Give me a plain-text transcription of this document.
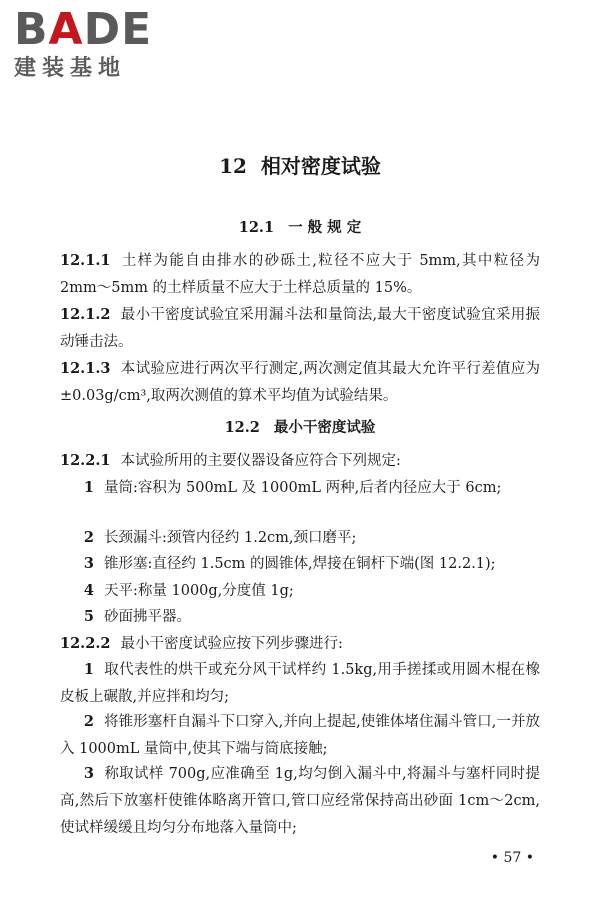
BADE
建装基地
12 相对密度试验
12.1 一 般 规 定
12.1.1 土样为能自由排水的砂砾土,粒径不应大于 5mm,其中粒径为 2mm～5mm 的土样质量不应大于土样总质量的 15%。
12.1.2 最小干密度试验宜采用漏斗法和量筒法,最大干密度试验宜采用振动锤击法。
12.1.3 本试验应进行两次平行测定,两次测定值其最大允许平行差值应为±0.03g/cm³,取两次测值的算术平均值为试验结果。
12.2 最小干密度试验
12.2.1 本试验所用的主要仪器设备应符合下列规定:
1 量筒:容积为 500mL 及 1000mL 两种,后者内径应大于 6cm;
2 长颈漏斗:颈管内径约 1.2cm,颈口磨平;
3 锥形塞:直径约 1.5cm 的圆锥体,焊接在铜杆下端(图 12.2.1);
4 天平:称量 1000g,分度值 1g;
5 砂面拂平器。
12.2.2 最小干密度试验应按下列步骤进行:
1 取代表性的烘干或充分风干试样约 1.5kg,用手搓揉或用圆木棍在橡皮板上碾散,并应拌和均匀;
2 将锥形塞杆自漏斗下口穿入,并向上提起,使锥体堵住漏斗管口,一并放入 1000mL 量筒中,使其下端与筒底接触;
3 称取试样 700g,应准确至 1g,均匀倒入漏斗中,将漏斗与塞杆同时提高,然后下放塞杆使锥体略离开管口,管口应经常保持高出砂面 1cm～2cm,使试样缓缓且均匀分布地落入量筒中;
• 57 •
